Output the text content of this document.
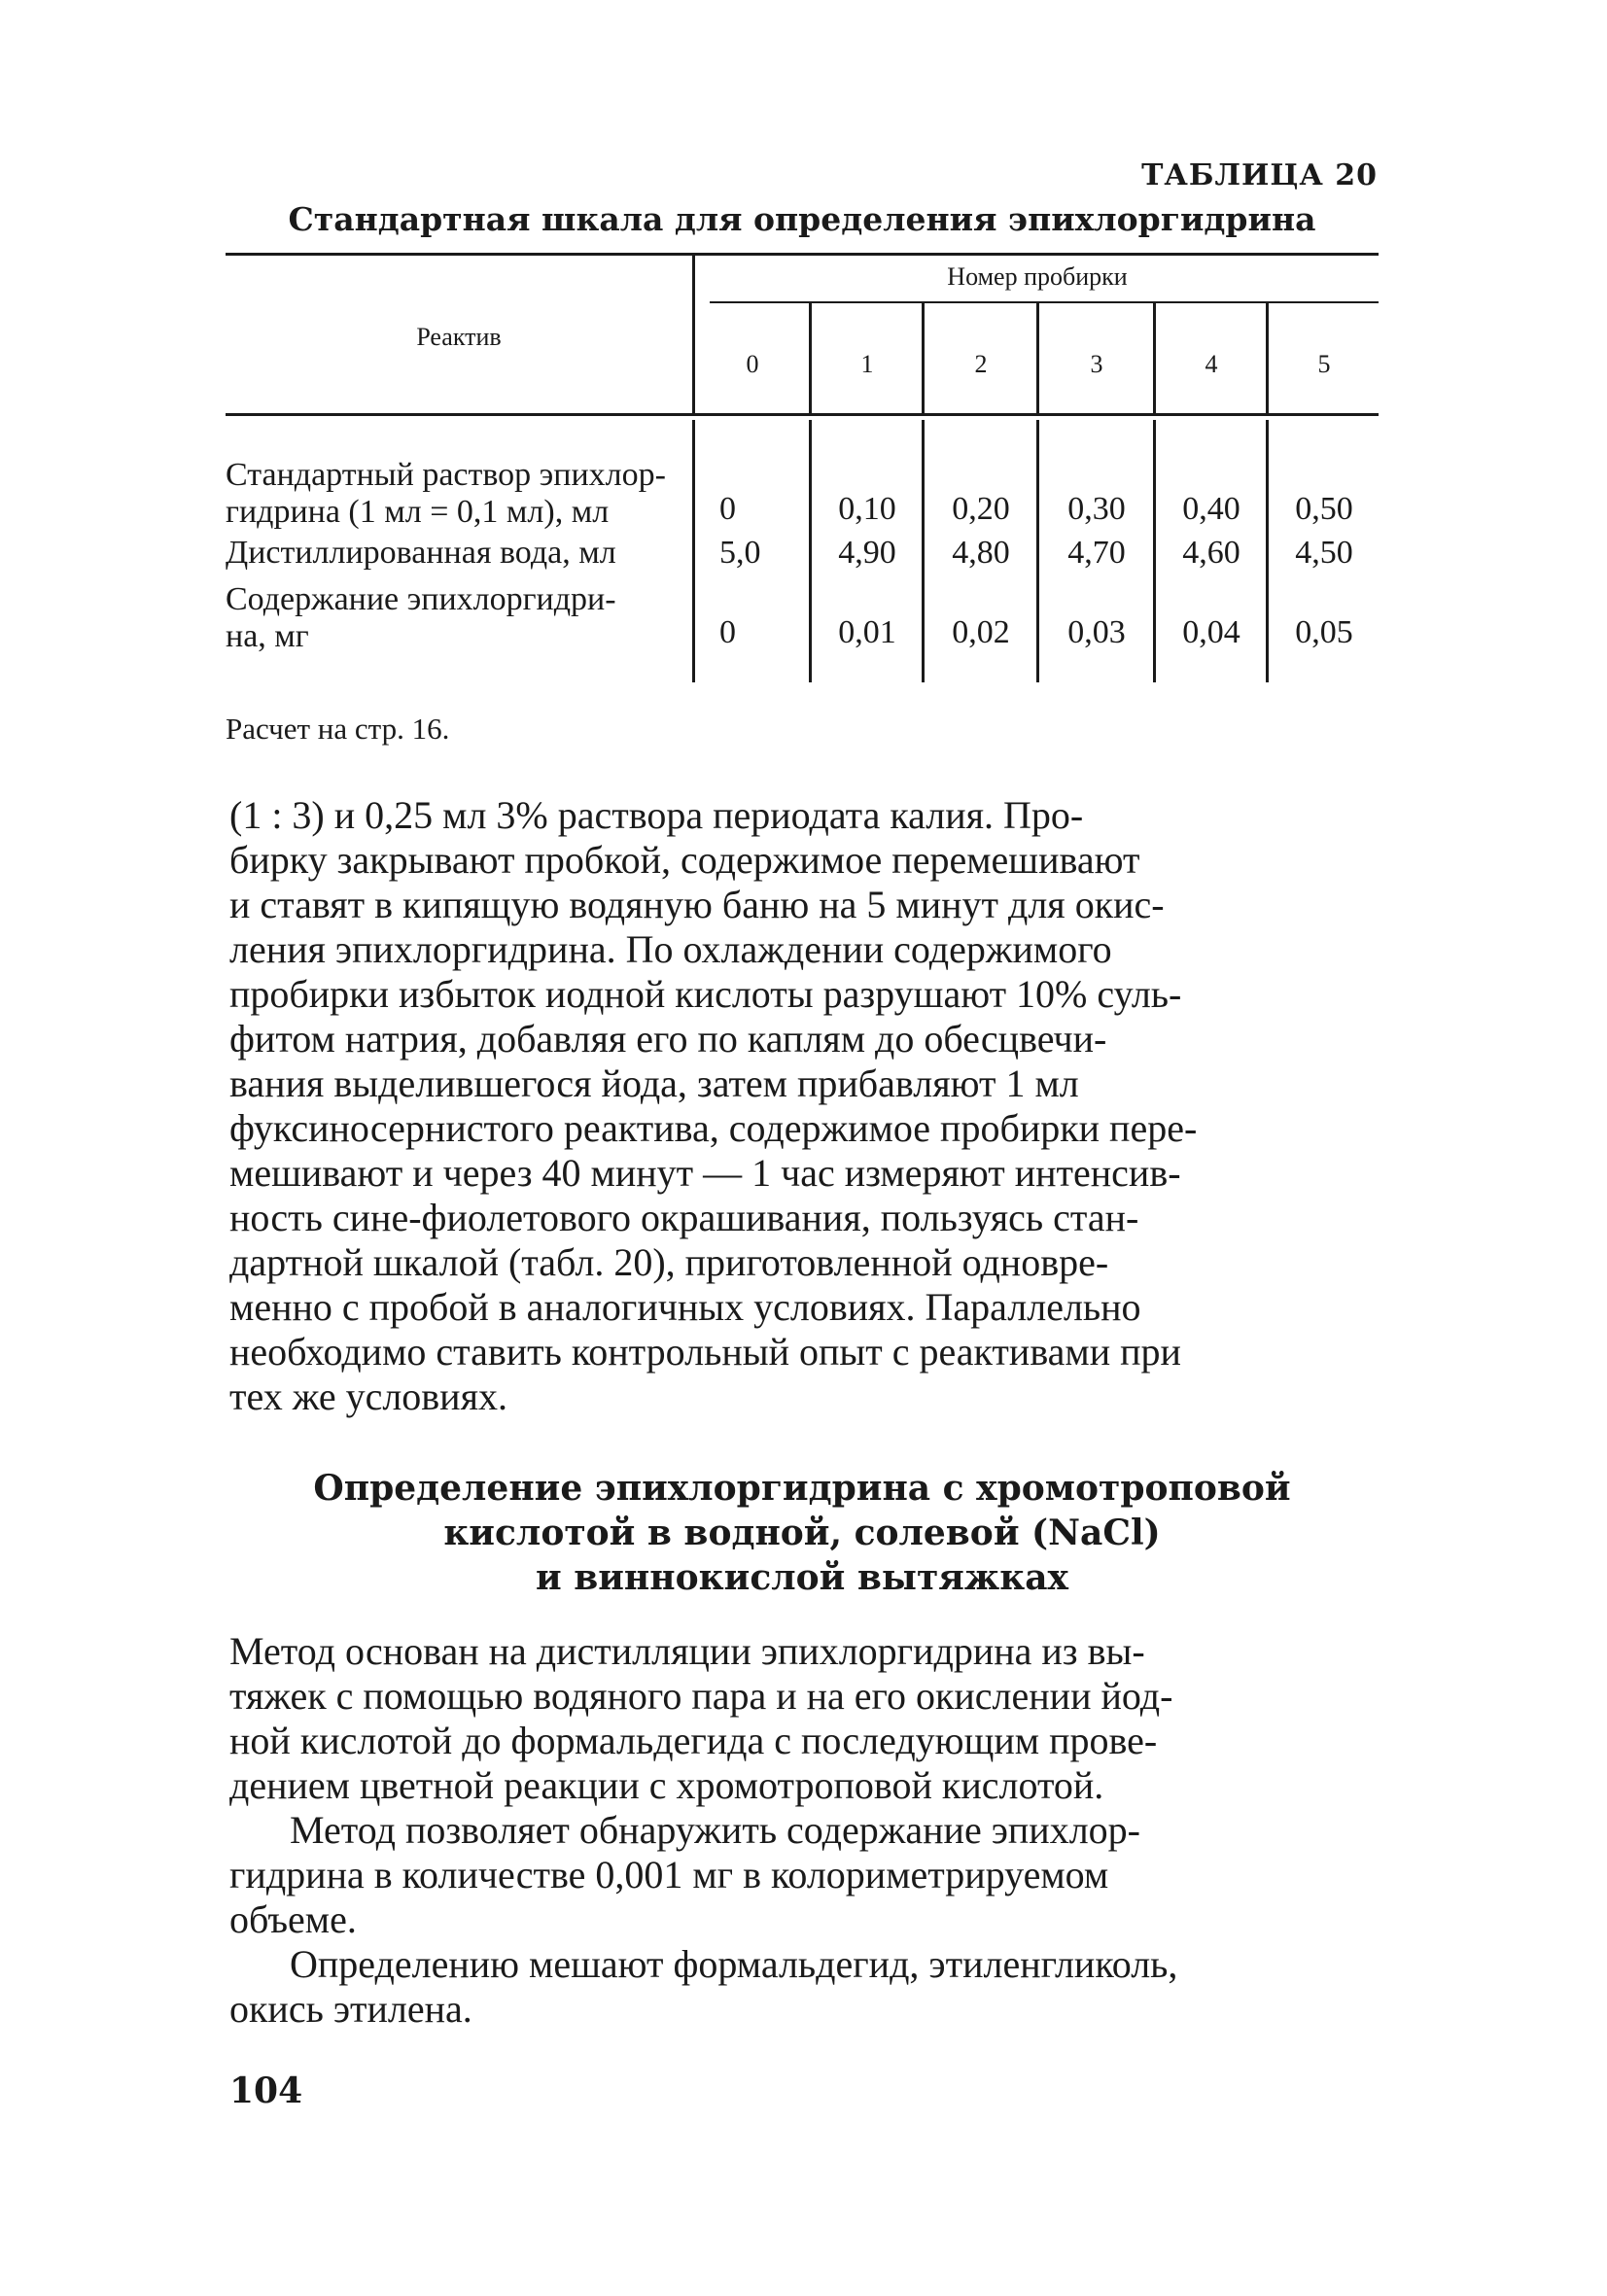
ТАБЛИЦА 20
Стандартная шкала для определения эпихлоргидрина
Реактив
Номер пробирки
0	1	2	3	4	5
Стандартный раствор эпихлор-
гидрина (1 мл = 0,1 мл), мл	0	0,10	0,20	0,30	0,40	0,50
Дистиллированная вода, мл	5,0	4,90	4,80	4,70	4,60	4,50
Содержание эпихлоргидри-
на, мг	0	0,01	0,02	0,03	0,04	0,05
Расчет на стр. 16.
(1 : 3) и 0,25 мл 3% раствора периодата калия. Про-
бирку закрывают пробкой, содержимое перемешивают
и ставят в кипящую водяную баню на 5 минут для окис-
ления эпихлоргидрина. По охлаждении содержимого
пробирки избыток иодной кислоты разрушают 10% суль-
фитом натрия, добавляя его по каплям до обесцвечи-
вания выделившегося йода, затем прибавляют 1 мл
фуксиносернистого реактива, содержимое пробирки пере-
мешивают и через 40 минут — 1 час измеряют интенсив-
ность сине-фиолетового окрашивания, пользуясь стан-
дартной шкалой (табл. 20), приготовленной одновре-
менно с пробой в аналогичных условиях. Параллельно
необходимо ставить контрольный опыт с реактивами при
тех же условиях.
Определение эпихлоргидрина с хромотроповой
кислотой в водной, солевой (NaCl)
и виннокислой вытяжках
Метод основан на дистилляции эпихлоргидрина из вы-
тяжек с помощью водяного пара и на его окислении йод-
ной кислотой до формальдегида с последующим прове-
дением цветной реакции с хромотроповой кислотой.
Метод позволяет обнаружить содержание эпихлор-
гидрина в количестве 0,001 мг в колориметрируемом
объеме.
Определению мешают формальдегид, этиленгликоль,
окись этилена.
104
